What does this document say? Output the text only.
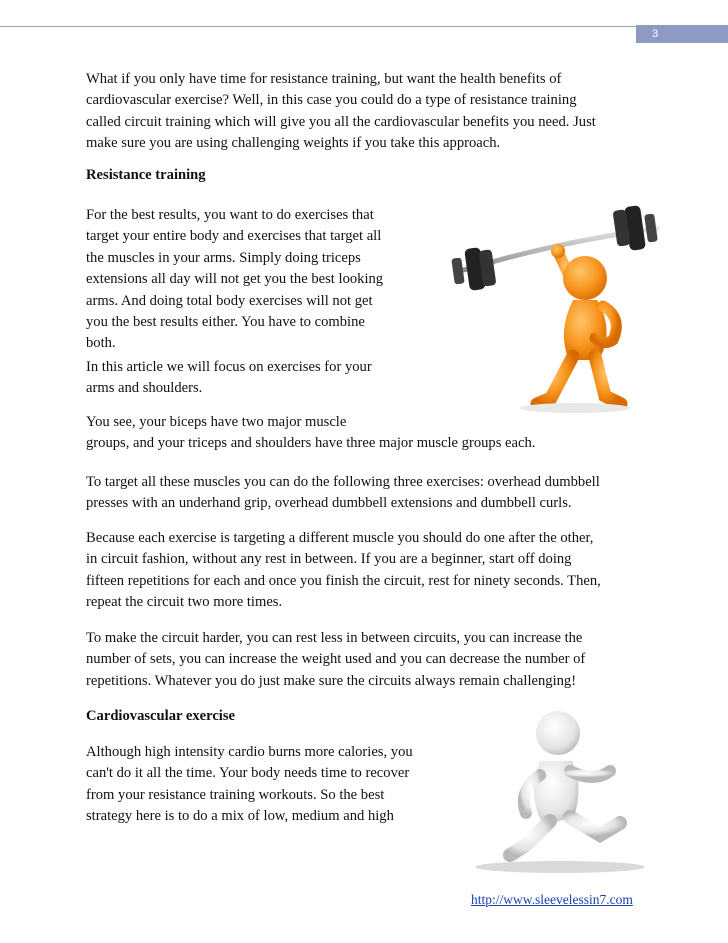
3
What if you only have time for resistance training, but want the health benefits of
cardiovascular exercise? Well, in this case you could do a type of resistance training
called circuit training which will give you all the cardiovascular benefits you need. Just
make sure you are using challenging weights if you take this approach.
Resistance training
For the best results, you want to do exercises that
target your entire body and exercises that target all
the muscles in your arms. Simply doing triceps
extensions all day will not get you the best looking
arms. And doing total body exercises will not get
you the best results either. You have to combine
both.
In this article we will focus on exercises for your
arms and shoulders.
You see, your biceps have two major muscle
groups, and your triceps and shoulders have three major muscle groups each.
To target all these muscles you can do the following three exercises: overhead dumbbell
presses with an underhand grip, overhead dumbbell extensions and dumbbell curls.
Because each exercise is targeting a different muscle you should do one after the other,
in circuit fashion, without any rest in between. If you are a beginner, start off doing
fifteen repetitions for each and once you finish the circuit, rest for ninety seconds. Then,
repeat the circuit two more times.
To make the circuit harder, you can rest less in between circuits, you can increase the
number of sets, you can increase the weight used and you can decrease the number of
repetitions. Whatever you do just make sure the circuits always remain challenging!
Cardiovascular exercise
Although high intensity cardio burns more calories, you
can't do it all the time. Your body needs time to recover
from your resistance training workouts. So the best
strategy here is to do a mix of low, medium and high
http://www.sleevelessin7.com
